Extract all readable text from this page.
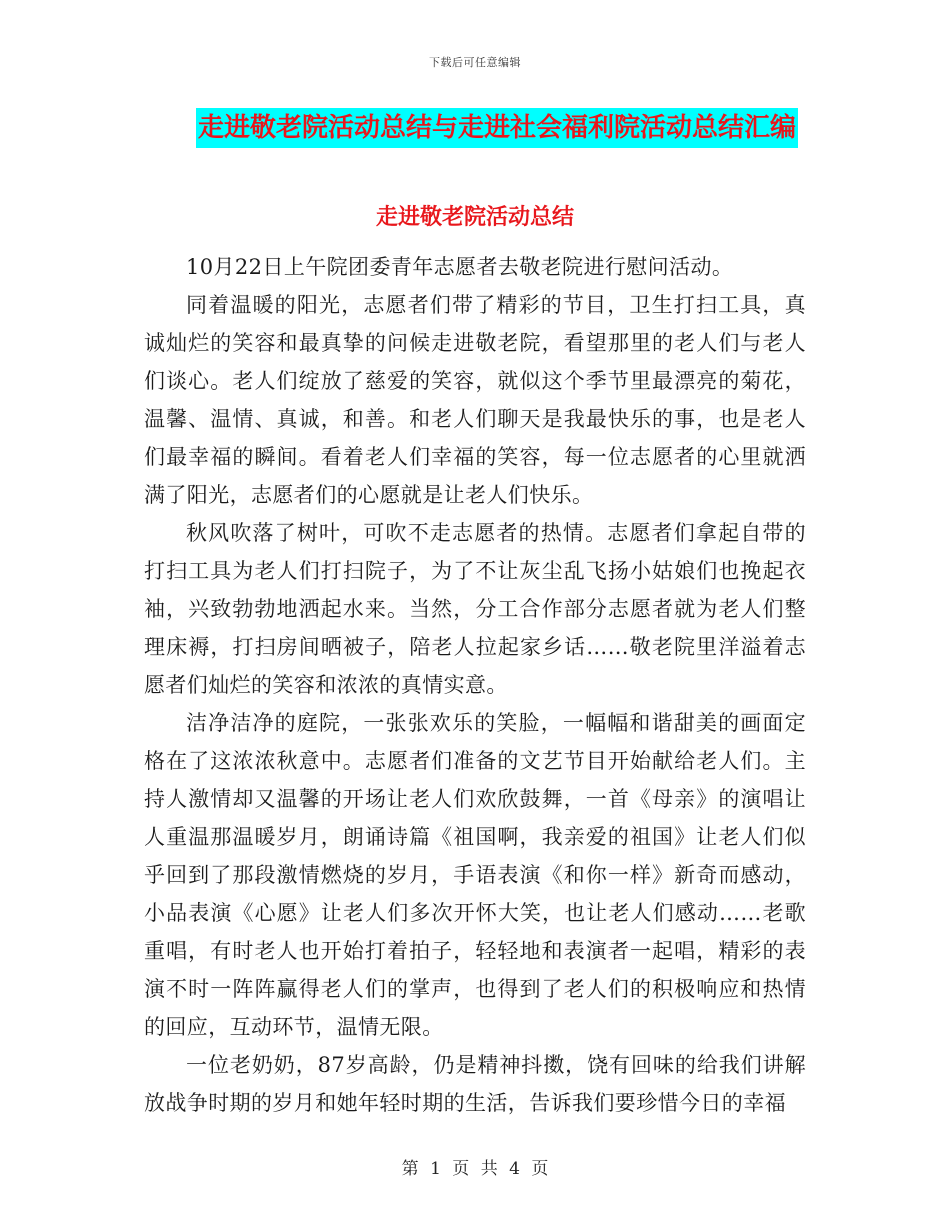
下载后可任意编辑
走进敬老院活动总结与走进社会福利院活动总结汇编
走进敬老院活动总结

10月22日上午院团委青年志愿者去敬老院进行慰问活动。

同着温暖的阳光，志愿者们带了精彩的节目，卫生打扫工具，真诚灿烂的笑容和最真挚的问候走进敬老院，看望那里的老人们与老人们谈心。老人们绽放了慈爱的笑容，就似这个季节里最漂亮的菊花，温馨、温情、真诚，和善。和老人们聊天是我最快乐的事，也是老人们最幸福的瞬间。看着老人们幸福的笑容，每一位志愿者的心里就洒满了阳光，志愿者们的心愿就是让老人们快乐。

秋风吹落了树叶，可吹不走志愿者的热情。志愿者们拿起自带的打扫工具为老人们打扫院子，为了不让灰尘乱飞扬小姑娘们也挽起衣袖，兴致勃勃地洒起水来。当然，分工合作部分志愿者就为老人们整理床褥，打扫房间晒被子，陪老人拉起家乡话……敬老院里洋溢着志愿者们灿烂的笑容和浓浓的真情实意。

洁净洁净的庭院，一张张欢乐的笑脸，一幅幅和谐甜美的画面定格在了这浓浓秋意中。志愿者们准备的文艺节目开始献给老人们。主持人激情却又温馨的开场让老人们欢欣鼓舞，一首《母亲》的演唱让人重温那温暖岁月，朗诵诗篇《祖国啊，我亲爱的祖国》让老人们似乎回到了那段激情燃烧的岁月，手语表演《和你一样》新奇而感动，小品表演《心愿》让老人们多次开怀大笑，也让老人们感动……老歌重唱，有时老人也开始打着拍子，轻轻地和表演者一起唱，精彩的表演不时一阵阵赢得老人们的掌声，也得到了老人们的积极响应和热情的回应，互动环节，温情无限。

一位老奶奶，87岁高龄，仍是精神抖擞，饶有回味的给我们讲解放战争时期的岁月和她年轻时期的生活，告诉我们要珍惜今日的幸福

第 1 页 共 4 页
